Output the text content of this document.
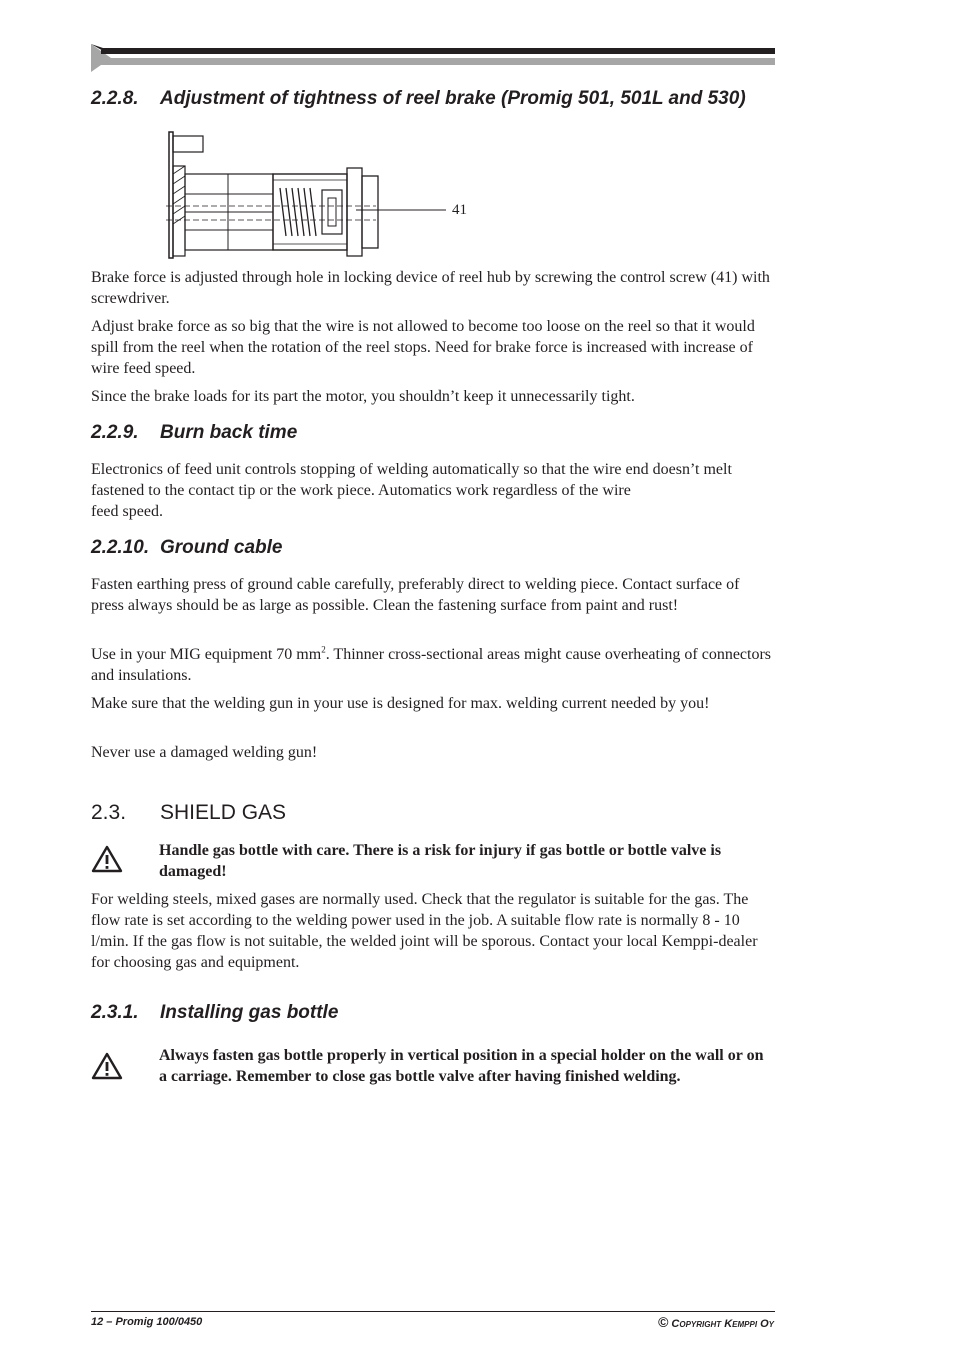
2.2.8. Adjustment of tightness of reel brake (Promig 501, 501L and 530)
41

Brake force is adjusted through hole in locking device of reel hub by screwing the control screw (41) with screwdriver.

Adjust brake force as so big that the wire is not allowed to become too loose on the reel so that it would spill from the reel when the rotation of the reel stops. Need for brake force is increased with increase of wire feed speed.

Since the brake loads for its part the motor, you shouldn’t keep it unnecessarily tight.

2.2.9. Burn back time

Electronics of feed unit controls stopping of welding automatically so that the wire end doesn’t melt fastened to the contact tip or the work piece. Automatics work regardless of the wire
feed speed.

2.2.10. Ground cable

Fasten earthing press of ground cable carefully, preferably direct to welding piece. Contact surface of press always should be as large as possible. Clean the fastening surface from paint and rust!

Use in your MIG equipment 70 $mm^2$. Thinner cross-sectional areas might cause overheating of connectors and insulations.

Make sure that the welding gun in your use is designed for max. welding current needed by you!

Never use a damaged welding gun!

2.3. SHIELD GAS

Handle gas bottle with care. There is a risk for injury if gas bottle or bottle valve is damaged!

For welding steels, mixed gases are normally used. Check that the regulator is suitable for the gas. The flow rate is set according to the welding power used in the job. A suitable flow rate is normally 8 - 10 l/min. If the gas flow is not suitable, the welded joint will be sporous. Contact your local Kemppi-dealer for choosing gas and equipment.

2.3.1. Installing gas bottle

Always fasten gas bottle properly in vertical position in a special holder on the wall or on a carriage. Remember to close gas bottle valve after having finished welding.

12 – Promig 100/0450	© Copyright Kemppi Oy
